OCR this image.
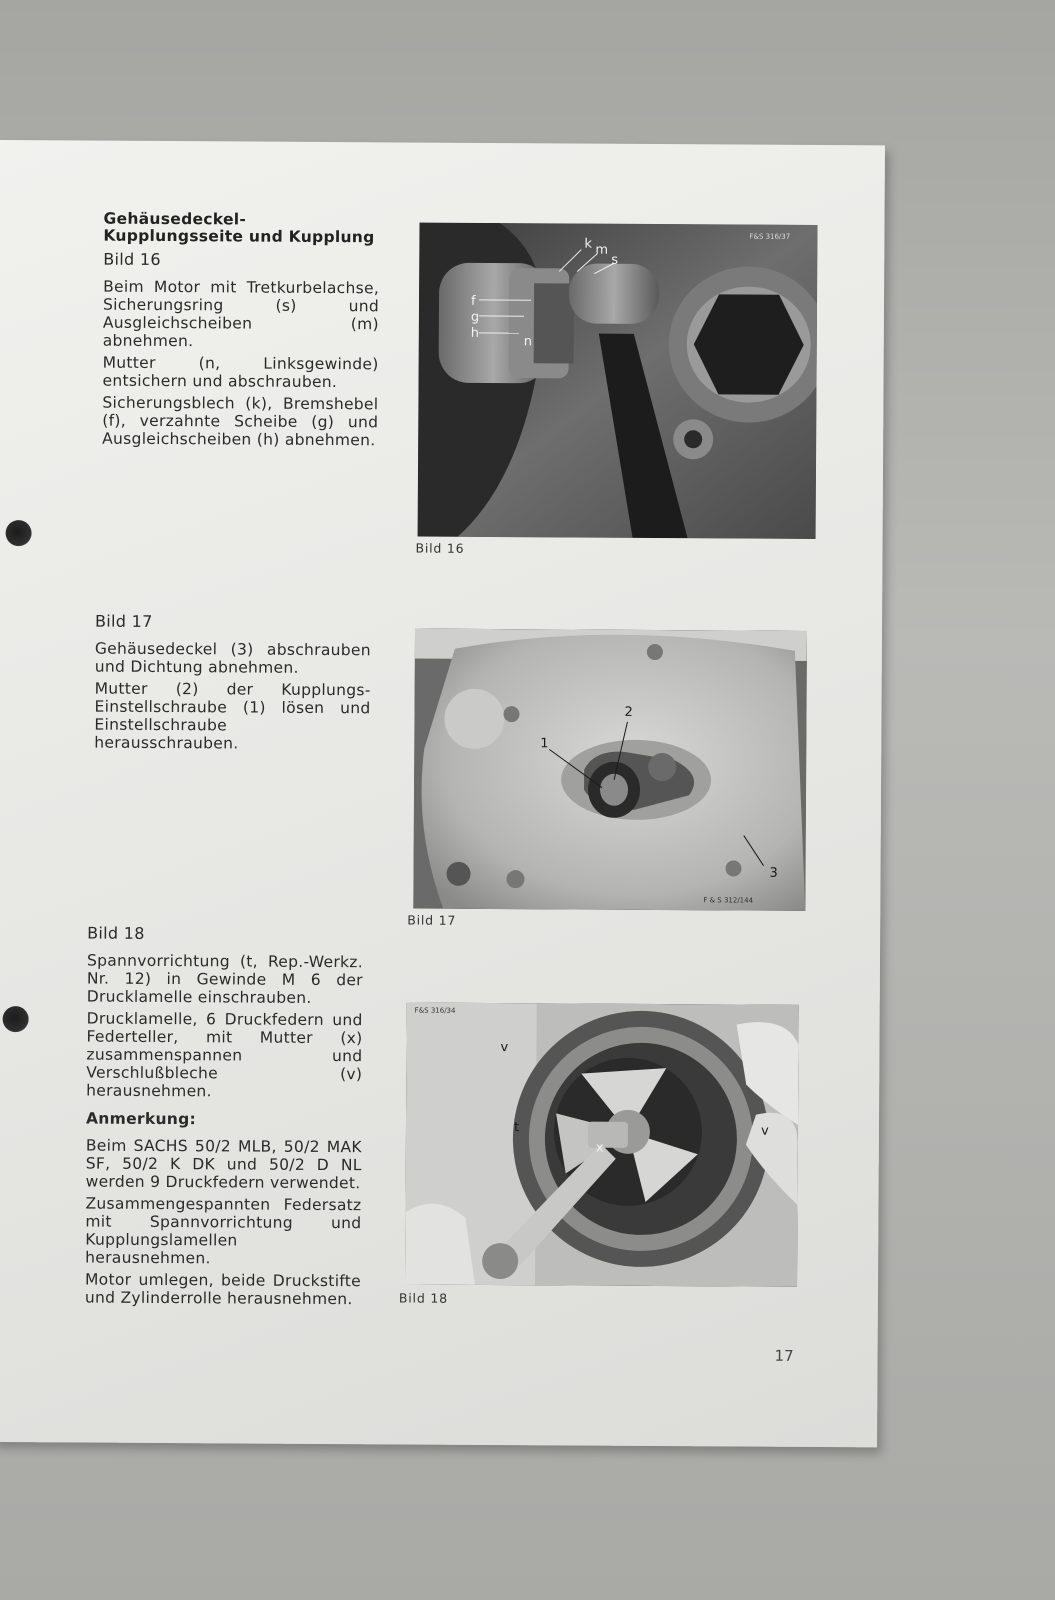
Gehäusedeckel-Kupplungsseite und Kupplung
Bild 16

Beim Motor mit Tretkurbelachse, Sicherungsring (s) und Ausgleichscheiben (m) abnehmen.

Mutter (n, Linksgewinde) entsichern und abschrauben.

Sicherungsblech (k), Bremshebel (f), verzahnte Scheibe (g) und Ausgleichscheiben (h) abnehmen.

Bild 17

Gehäusedeckel (3) abschrauben und Dichtung abnehmen.

Mutter (2) der Kupplungs-Einstellschraube (1) lösen und Einstellschraube herausschrauben.

Bild 18

Spannvorrichtung (t, Rep.-Werkz. Nr. 12) in Gewinde M 6 der Drucklamelle einschrauben.

Drucklamelle, 6 Druckfedern und Federteller, mit Mutter (x) zusammenspannen und Verschlußbleche (v) herausnehmen.

Anmerkung:

Beim SACHS 50/2 MLB, 50/2 MAK SF, 50/2 K DK und 50/2 D NL werden 9 Druckfedern verwendet.

Zusammengespannten Federsatz mit Spannvorrichtung und Kupplungslamellen herausnehmen.

Motor umlegen, beide Druckstifte und Zylinderrolle herausnehmen.

k m
s
f
g
h
n
F&S 316/37
Bild 16
1
2
3
F & S 312/144
Bild 17
v
v
t
x
F&S 316/34
Bild 18
17
